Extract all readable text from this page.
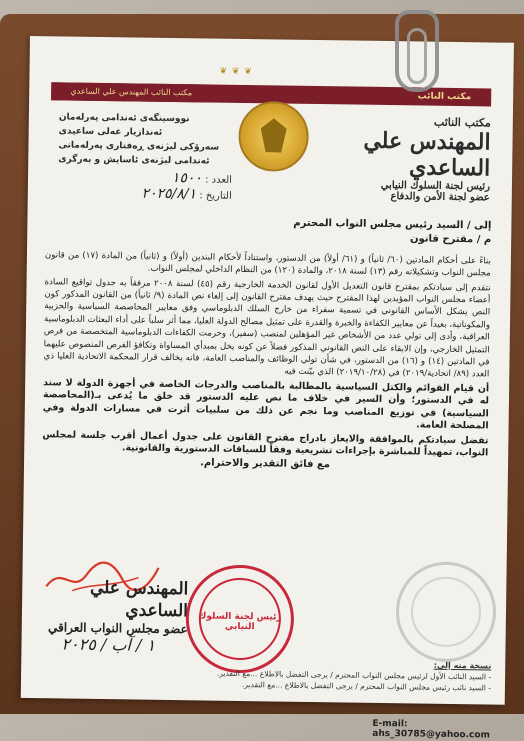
❦ ❦ ❦
مكتب النائب
مكتب النائب المهندس علي الساعدي
نووسینگەی ئەندامی پەرلەمان
ئەندازیار عەلی ساعیدی
سەرۆکی لیژنەی ڕەفتاری پەرلەمانی
ئەندامی لیژنەی ئاسایش و بەرگری
مكتب النائب
المهندس علي الساعدي
رئيس لجنة السلوك النيابي
عضو لجنة الأمن والدفاع
العدد : ١٥٠٠
التاريخ : ٢٠٢٥/٨/١
إلى / السيد رئيس مجلس النواب المحترم
م / مقترح قانون

بناءً على أحكام المادتين (٦٠/ ثانياً) و (٦١/ أولاً) من الدستور، واستناداً لأحكام البندين (أولاً) و (ثانياً) من المادة (١٧) من قانون مجلس النواب وتشكيلاته رقم (١٣) لسنة ٢٠١٨، والمادة (١٢٠) من النظام الداخلي لمجلس النواب.

نتقدم إلى سيادتكم بمقترح قانون التعديل الأول لقانون الخدمة الخارجية رقم (٤٥) لسنة ٢٠٠٨ مرفقاً به جدول تواقيع السادة أعضاء مجلس النواب المؤيدين لهذا المقترح حيث يهدف مقترح القانون إلى إلغاء نص المادة (٩/ ثانياً) من القانون المذكور كون النص يشكل الأساس القانوني في تسمية سفراء من خارج السلك الدبلوماسي وفق معايير المحاصصة السياسية والحزبية والمكوناتية، بعيداً عن معايير الكفاءة والخبرة والقدرة على تمثيل مصالح الدولة العليا، مما أثر سلباً على أداء البعثات الدبلوماسية العراقية، وأدى إلى تولي عدد من الأشخاص غير المؤهلين لمنصب (سفير)، وحرمت الكفاءات الدبلوماسية المتخصصة من فرص التمثيل الخارجي، وإن الابقاء على النص القانوني المذكور فضلاً عن كونه يخل بمبدأي المساواة وتكافؤ الفرص المنصوص عليهما في المادتين (١٤) و (١٦) من الدستور، في شأن تولي الوظائف والمناصب العامة، فانه يخالف قرار المحكمة الاتحادية العليا ذي العدد (٨٩/ اتحادية/٢٠١٩) في (٢٠١٩/١٠/٢٨) الذي بيّنت فيه

أن قيام القوائم والكتل السياسية بالمطالبة بالمناصب والدرجات الخاصة في أجهزة الدولة لا سند له في الدستور؛ وأن السير في خلاف ما نص عليه الدستور قد خلق ما يُدعى بـ(المحاصصة السياسية) في توزيع المناصب وما نجم عن ذلك من سلبيات أثرت في مسارات الدولة وفي المصلحة العامة.

تفضل سيادتكم بالموافقة والايعاز بادراج مقترح القانون على جدول أعمال أقرب جلسة لمجلس النواب، تمهيداً للمباشرة بإجراءات تشريعية وفقاً للسياقات الدستورية والقانونية.

مع فائق التقدير والاحترام.
المهندس علي الساعدي
عضو مجلس النواب العراقي
١ / آب / ٢٠٢٥
رئيس لجنة السلوك النيابي
نسخة منه إلى:
- السيد النائب الأول لرئيس مجلس النواب المحترم / يرجى التفضل بالاطلاع ...مع التقدير.
- السيد نائب رئيس مجلس النواب المحترم / يرجى التفضل بالاطلاع ...مع التقدير.
E-mail: ahs_30785@yahoo.com
